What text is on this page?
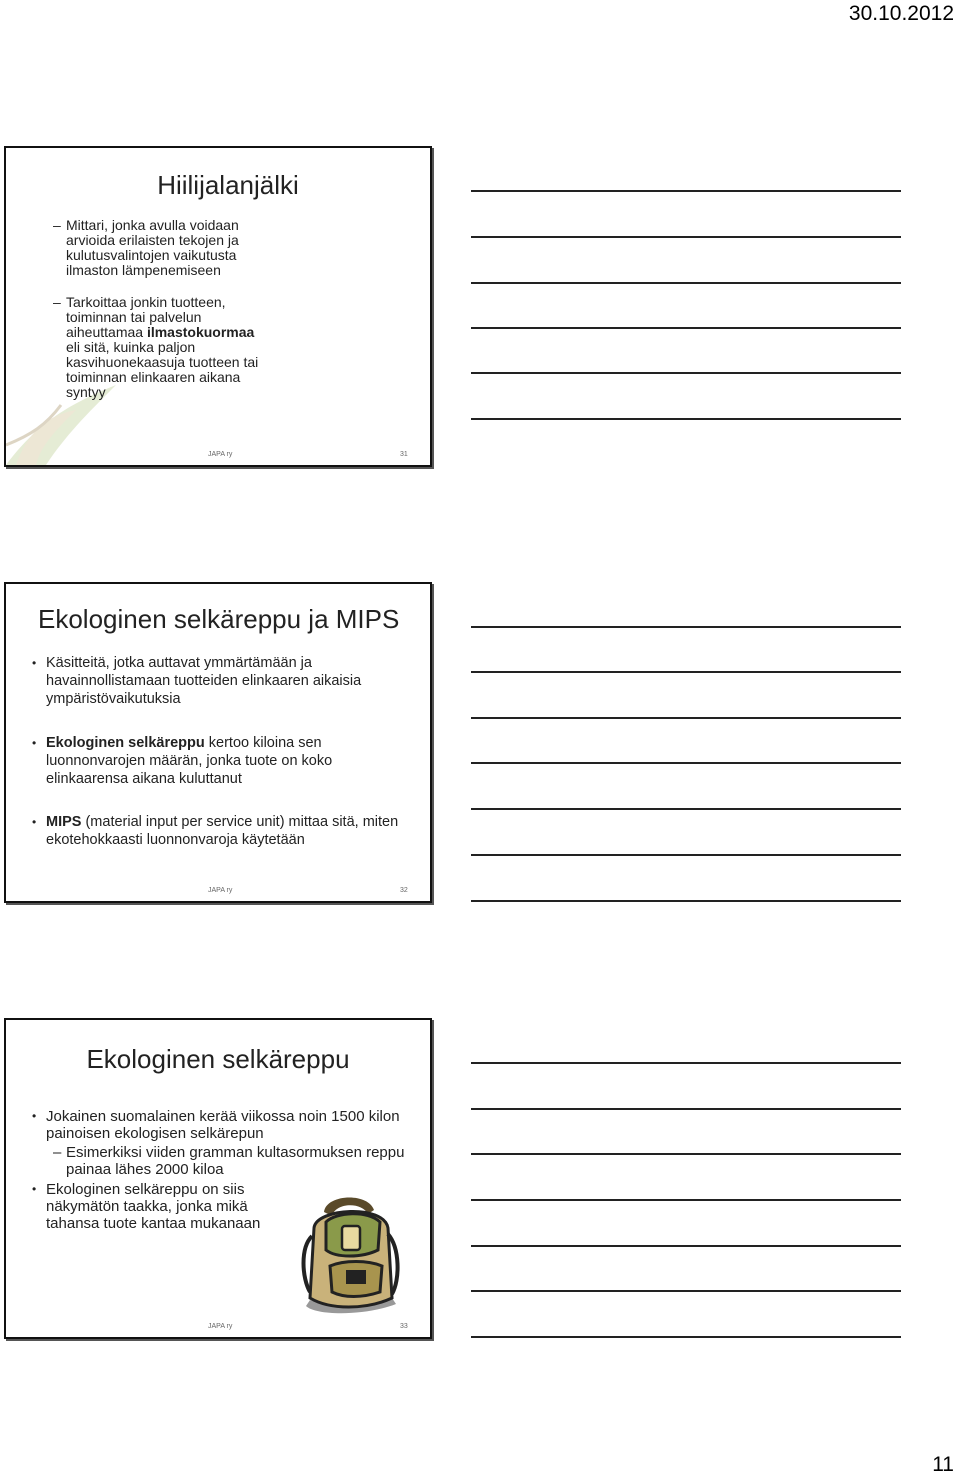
30.10.2012
Hiilijalanjälki
– Mittari, jonka avulla voidaan arvioida erilaisten tekojen ja kulutusvalintojen vaikutusta ilmaston lämpenemiseen
– Tarkoittaa jonkin tuotteen, toiminnan tai palvelun aiheuttamaa ilmastokuormaa eli sitä, kuinka paljon kasvihuonekaasuja tuotteen tai toiminnan elinkaaren aikana syntyy
JAPA ry	31
Ekologinen selkäreppu ja MIPS
• Käsitteitä, jotka auttavat ymmärtämään ja havainnollistamaan tuotteiden elinkaaren aikaisia ympäristövaikutuksia
• Ekologinen selkäreppu kertoo kiloina sen luonnonvarojen määrän, jonka tuote on koko elinkaarensa aikana kuluttanut
• MIPS (material input per service unit) mittaa sitä, miten ekotehokkaasti luonnonvaroja käytetään
JAPA ry	32
Ekologinen selkäreppu
• Jokainen suomalainen kerää viikossa noin 1500 kilon painoisen ekologisen selkärepun
– Esimerkiksi viiden gramman kultasormuksen reppu painaa lähes 2000 kiloa
• Ekologinen selkäreppu on siis näkymätön taakka, jonka mikä tahansa tuote kantaa mukanaan
JAPA ry	33
11
